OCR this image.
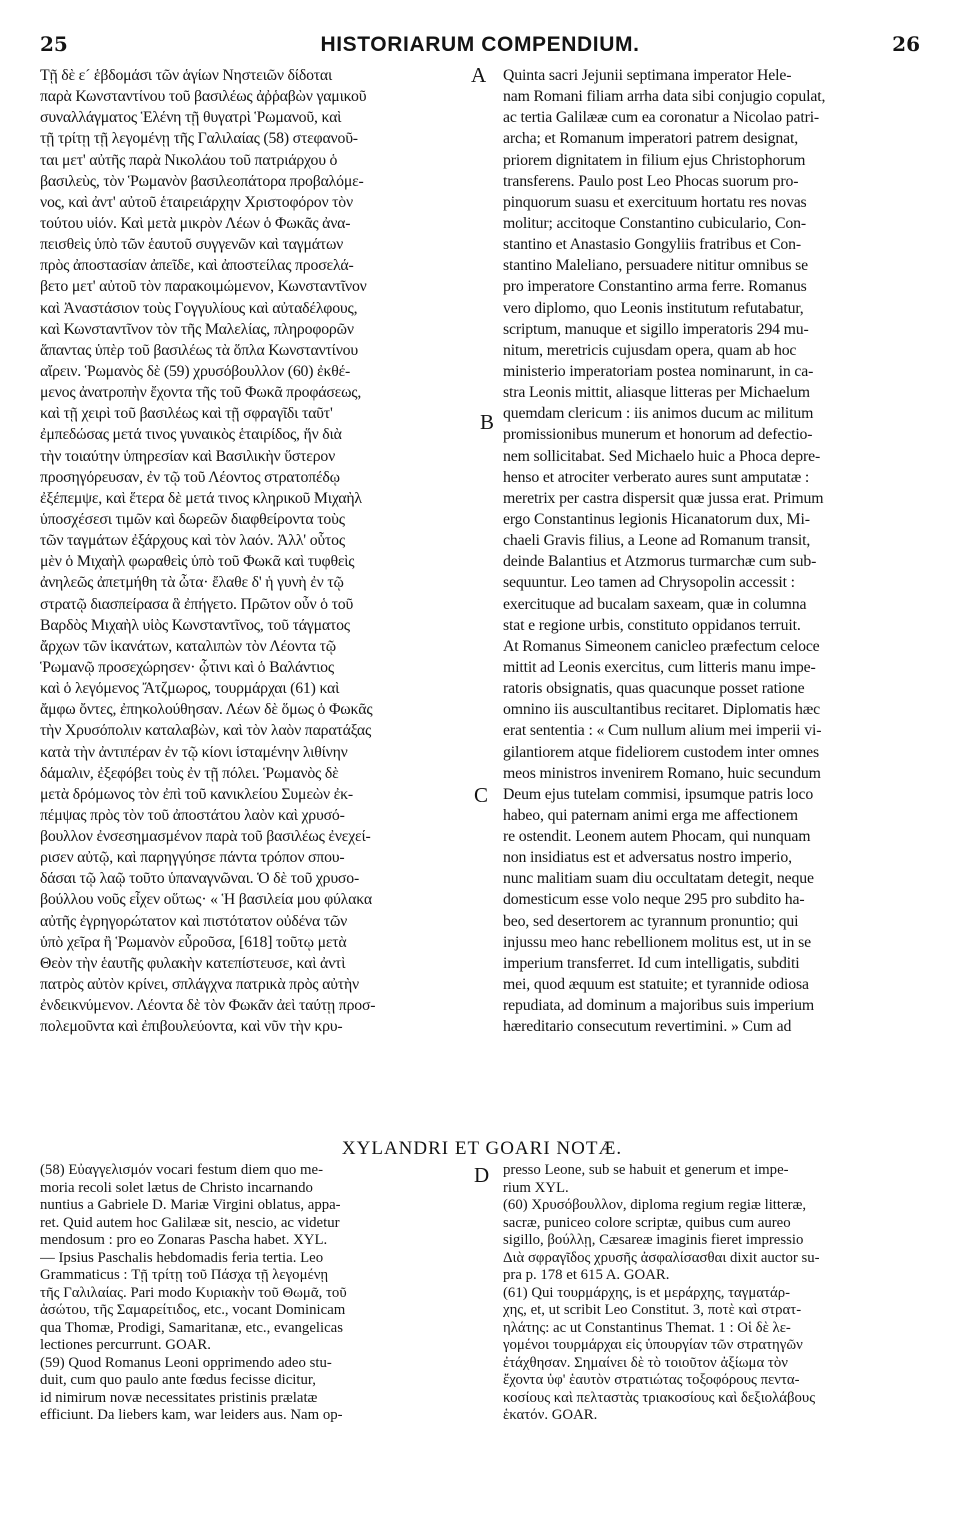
25	HISTORIARUM COMPENDIUM.	26
Τῇ δὲ ε´ ἑβδομάσι τῶν ἁγίων Νηστειῶν δίδοται
παρὰ Κωνσταντίνου τοῦ βασιλέως ἀῤῥαβὼν γαμικοῦ
συναλλάγματος Ἑλένη τῇ θυγατρὶ Ῥωμανοῦ, καὶ
τῇ τρίτῃ τῇ λεγομένῃ τῆς Γαλιλαίας (58) στεφανοῦ-
ται μετ' αὐτῆς παρὰ Νικολάου τοῦ πατριάρχου ὁ
βασιλεὺς, τὸν Ῥωμανὸν βασιλεοπάτορα προβαλόμε-
νος, καὶ ἀντ' αὐτοῦ ἑταιρειάρχην Χριστοφόρον τὸν
τούτου υἱόν. Καὶ μετὰ μικρὸν Λέων ὁ Φωκᾶς ἀνα-
πεισθεὶς ὑπὸ τῶν ἑαυτοῦ συγγενῶν καὶ ταγμάτων
πρὸς ἀποστασίαν ἀπεῖδε, καὶ ἀποστείλας προσελά-
βετο μετ' αὐτοῦ τὸν παρακοιμώμενον, Κωνσταντῖνον
καὶ Ἀναστάσιον τοὺς Γογγυλίους καὶ αὐταδέλφους,
καὶ Κωνσταντῖνον τὸν τῆς Μαλελίας, πληροφορῶν
ἅπαντας ὑπὲρ τοῦ βασιλέως τὰ ὅπλα Κωνσταντίνου
αἴρειν. Ῥωμανὸς δὲ (59) χρυσόβουλλον (60) ἐκθέ-
μενος ἀνατροπὴν ἔχοντα τῆς τοῦ Φωκᾶ προφάσεως,
καὶ τῇ χειρὶ τοῦ βασιλέως καὶ τῇ σφραγῖδι ταῦτ'
ἐμπεδώσας μετά τινος γυναικὸς ἑταιρίδος, ἥν διὰ
τὴν τοιαύτην ὑπηρεσίαν καὶ Βασιλικὴν ὕστερον
προσηγόρευσαν, ἐν τῷ τοῦ Λέοντος στρατοπέδῳ
ἐξέπεμψε, καὶ ἕτερα δὲ μετά τινος κληρικοῦ Μιχαὴλ
ὑποσχέσεσι τιμῶν καὶ δωρεῶν διαφθείροντα τοὺς
τῶν ταγμάτων ἐξάρχους καὶ τὸν λαόν. Ἀλλ' οὗτος
μὲν ὁ Μιχαὴλ φωραθεὶς ὑπὸ τοῦ Φωκᾶ καὶ τυφθεὶς
ἀνηλεῶς ἀπετμήθη τὰ ὦτα· ἔλαθε δ' ἡ γυνὴ ἐν τῷ
στρατῷ διασπείρασα ἃ ἐπήγετο. Πρῶτον οὖν ὁ τοῦ
Βαρδὸς Μιχαὴλ υἱὸς Κωνσταντῖνος, τοῦ τάγματος
ἄρχων τῶν ἱκανάτων, καταλιπὼν τὸν Λέοντα τῷ
Ῥωμανῷ προσεχώρησεν· ᾧτινι καὶ ὁ Βαλάντιος
καὶ ὁ λεγόμενος Ἄτζμωρος, τουρμάρχαι (61) καὶ
ἄμφω ὄντες, ἐπηκολούθησαν. Λέων δὲ ὅμως ὁ Φωκᾶς
τὴν Χρυσόπολιν καταλαβὼν, καὶ τὸν λαὸν παρατάξας
κατὰ τὴν ἀντιπέραν ἐν τῷ κίονι ἱσταμένην λιθίνην
δάμαλιν, ἐξεφόβει τοὺς ἐν τῇ πόλει. Ῥωμανὸς δὲ
μετὰ δρόμωνος τὸν ἐπὶ τοῦ κανικλείου Συμεὼν ἐκ-
πέμψας πρὸς τὸν τοῦ ἀποστάτου λαὸν καὶ χρυσό-
βουλλον ἐνσεσημασμένον παρὰ τοῦ βασιλέως ἐνεχεί-
ρισεν αὐτῷ, καὶ παρηγγύησε πάντα τρόπον σπου-
δάσαι τῷ λαῷ τοῦτο ὑπαναγνῶναι. Ὁ δὲ τοῦ χρυσο-
βούλλου νοῦς εἶχεν οὕτως· « Ἡ βασιλεία μου φύλακα
αὐτῆς ἐγρηγορώτατον καὶ πιστότατον οὐδένα τῶν
ὑπὸ χεῖρα ἢ Ῥωμανὸν εὗροῦσα, [618] τοῦτῳ μετὰ
Θεὸν τὴν ἑαυτῆς φυλακὴν κατεπίστευσε, καὶ ἀντὶ
πατρὸς αὐτὸν κρίνει, σπλάγχνα πατρικὰ πρὸς αὐτὴν
ἐνδεικνύμενον. Λέοντα δὲ τὸν Φωκᾶν ἀεὶ ταύτῃ προσ-
πολεμοῦντα καὶ ἐπιβουλεύοντα, καὶ νῦν τὴν κρυ-
Quinta sacri Jejunii septimana imperator Hele-
nam Romani filiam arrha data sibi conjugio copulat,
ac tertia Galilææ cum ea coronatur a Nicolao patri-
archa; et Romanum imperatori patrem designat,
priorem dignitatem in filium ejus Christophorum
transferens. Paulo post Leo Phocas suorum pro-
pinquorum suasu et exercituum hortatu res novas
molitur; accitoque Constantino cubiculario, Con-
stantino et Anastasio Gongyliis fratribus et Con-
stantino Maleliano, persuadere nititur omnibus se
pro imperatore Constantino arma ferre. Romanus
vero diplomo, quo Leonis institutum refutabatur,
scriptum, manuque et sigillo imperatoris 294 mu-
nitum, meretricis cujusdam opera, quam ab hoc
ministerio imperatoriam postea nominarunt, in ca-
stra Leonis mittit, aliasque litteras per Michaelum
quemdam clericum : iis animos ducum ac militum
promissionibus munerum et honorum ad defectio-
nem sollicitabat. Sed Michaelo huic a Phoca depre-
henso et atrociter verberato aures sunt amputatæ :
meretrix per castra dispersit quæ jussa erat. Primum
ergo Constantinus legionis Hicanatorum dux, Mi-
chaeli Gravis filius, a Leone ad Romanum transit,
deinde Balantius et Atzmorus turmarchæ cum sub-
sequuntur. Leo tamen ad Chrysopolin accessit :
exercituque ad bucalam saxeam, quæ in columna
stat e regione urbis, constituto oppidanos terruit.
At Romanus Simeonem canicleo præfectum celoce
mittit ad Leonis exercitus, cum litteris manu impe-
ratoris obsignatis, quas quacunque posset ratione
omnino iis auscultantibus recitaret. Diplomatis hæc
erat sententia : « Cum nullum alium mei imperii vi-
gilantiorem atque fideliorem custodem inter omnes
meos ministros invenirem Romano, huic secundum
Deum ejus tutelam commisi, ipsumque patris loco
habeo, qui paternam animi erga me affectionem
re ostendit. Leonem autem Phocam, qui nunquam
non insidiatus est et adversatus nostro imperio,
nunc malitiam suam diu occultatam detegit, neque
domesticum esse volo neque 295 pro subdito ha-
beo, sed desertorem ac tyrannum pronuntio; qui
injussu meo hanc rebellionem molitus est, ut in se
imperium transferret. Id cum intelligatis, subditi
mei, quod æquum est statuite; et tyrannide odiosa
repudiata, ad dominum a majoribus suis imperium
hæreditario consecutum revertimini. » Cum ad
A
B
C
D
XYLANDRI ET GOARI NOTÆ.
(58) Εὐαγγελισμόν vocari festum diem quo me-
moria recoli solet lætus de Christo incarnando
nuntius a Gabriele D. Mariæ Virgini oblatus, appa-
ret. Quid autem hoc Galilææ sit, nescio, ac videtur
mendosum : pro eo Zonaras Pascha habet. XYL.
— Ipsius Paschalis hebdomadis feria tertia. Leo
Grammaticus : Τῇ τρίτῃ τοῦ Πάσχα τῇ λεγομένῃ
τῆς Γαλιλαίας. Pari modo Κυριακὴν τοῦ Θωμᾶ, τοῦ
ἀσώτου, τῆς Σαμαρείτιδος, etc., vocant Dominicam
qua Thomæ, Prodigi, Samaritanæ, etc., evangelicas
lectiones percurrunt. GOAR.
(59) Quod Romanus Leoni opprimendo adeo stu-
duit, cum quo paulo ante fœdus fecisse dicitur,
id nimirum novæ necessitates pristinis prælatæ
efficiunt. Da liebers kam, war leiders aus. Nam op-
presso Leone, sub se habuit et generum et impe-
rium XYL.
(60) Χρυσόβουλλον, diploma regium regiæ litteræ,
sacræ, puniceo colore scriptæ, quibus cum aureo
sigillo, βούλλῃ, Cæsareæ imaginis fieret impressio
Διὰ σφραγῖδος χρυσῆς ἀσφαλίσασθαι dixit auctor su-
pra p. 178 et 615 A. GOAR.
(61) Qui τουρμάρχης, is et μεράρχης, ταγματάρ-
χης, et, ut scribit Leo Constitut. 3, ποτὲ καὶ στρατ-
ηλάτης: ac ut Constantinus Themat. 1 : Οἱ δὲ λε-
γομένοι τουρμάρχαι εἰς ὑπουργίαν τῶν στρατηγῶν
ἐτάχθησαν. Σημαίνει δὲ τὸ τοιοῦτον ἀξίωμα τὸν
ἔχοντα ὑφ' ἑαυτὸν στρατιώτας τοξοφόρους πεντα-
κοσίους καὶ πελταστὰς τριακοσίους καὶ δεξιολάβους
ἑκατόν. GOAR.
